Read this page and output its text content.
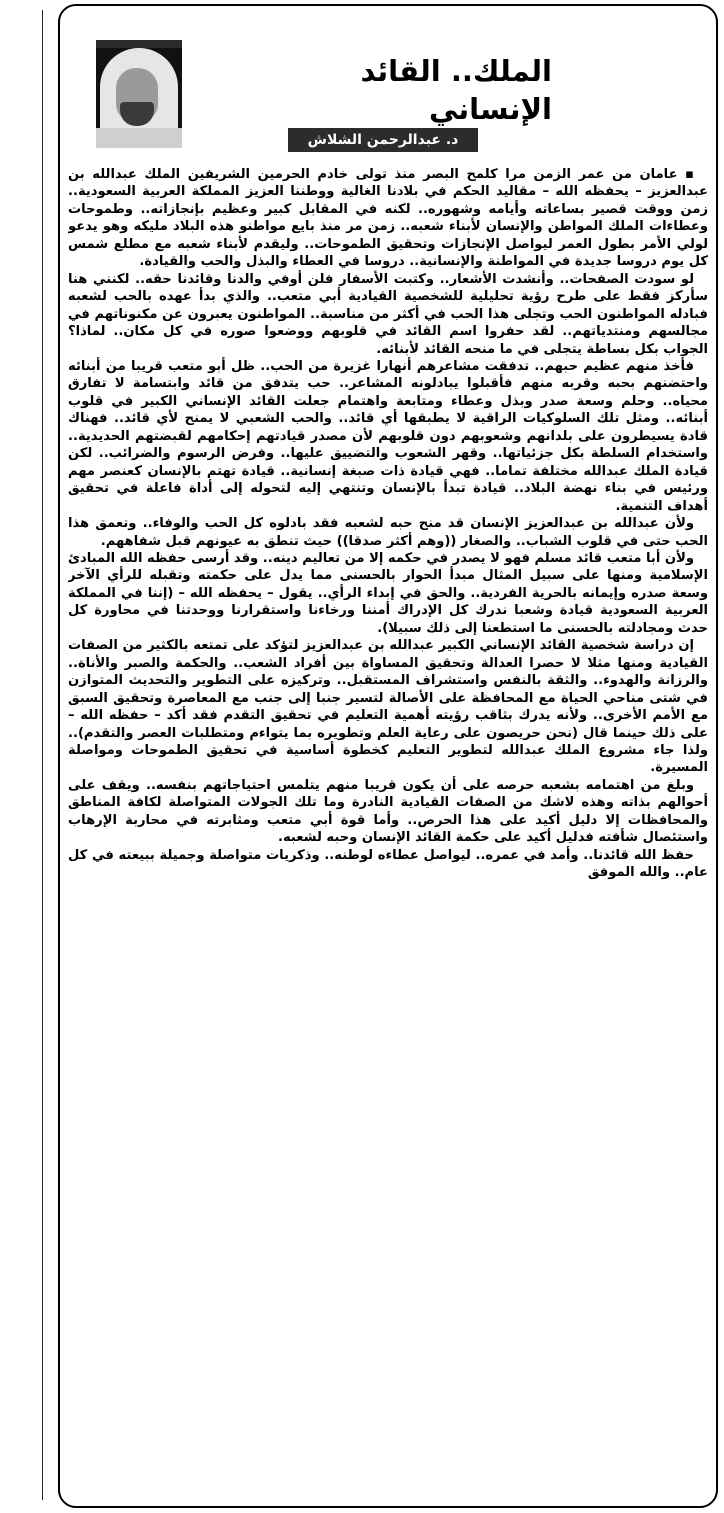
الملك.. القائد
الإنساني
د. عبدالرحمن الشلاش

▪ عامان من عمر الزمن مرا كلمح البصر منذ تولى خادم الحرمين الشريفين الملك عبدالله بن عبدالعزيز – يحفظه الله – مقاليد الحكم في بلادنا الغالية ووطننا العزيز المملكة العربية السعودية.. زمن ووقت قصير بساعاته وأيامه وشهوره.. لكنه في المقابل كبير وعظيم بإنجازاته.. وطموحات وعطاءات الملك المواطن والإنسان لأبناء شعبه.. زمن مر منذ بايع مواطنو هذه البلاد مليكه وهو يدعو لولي الأمر بطول العمر ليواصل الإنجازات وتحقيق الطموحات.. وليقدم لأبناء شعبه مع مطلع شمس كل يوم دروسا جديدة في المواطنة والإنسانية.. دروسا في العطاء والبذل والحب والقيادة.

لو سودت الصفحات.. وأنشدت الأشعار.. وكتبت الأسفار فلن أوفي والدنا وقائدنا حقه.. لكنني هنا سأركز فقط على طرح رؤية تحليلية للشخصية القيادية أبي متعب.. والذي بدأ عهده بالحب لشعبه فبادله المواطنون الحب وتجلى هذا الحب في أكثر من مناسبة.. المواطنون يعبرون عن مكنوناتهم في مجالسهم ومنتدياتهم.. لقد حفروا اسم القائد في قلوبهم ووضعوا صوره في كل مكان.. لماذا؟ الجواب بكل بساطة يتجلى في ما منحه القائد لأبنائه.

فأخذ منهم عظيم حبهم.. تدفقت مشاعرهم أنهارا غزيرة من الحب.. ظل أبو متعب قريبا من أبنائه واحتضنهم بحبه وقربه منهم فأقبلوا يبادلونه المشاعر.. حب يتدفق من قائد وابتسامة لا تفارق محياه.. وحلم وسعة صدر وبذل وعطاء ومتابعة واهتمام جعلت القائد الإنساني الكبير في قلوب أبنائه.. ومثل تلك السلوكيات الراقية لا يطبقها أي قائد.. والحب الشعبي لا يمنح لأي قائد.. فهناك قادة يسيطرون على بلدانهم وشعوبهم دون قلوبهم لأن مصدر قيادتهم إحكامهم لقبضتهم الحديدية.. واستخدام السلطة بكل جزئياتها.. وقهر الشعوب والتضييق عليها.. وفرض الرسوم والضرائب.. لكن قيادة الملك عبدالله مختلفة تماما.. فهي قيادة ذات صبغة إنسانية.. قيادة تهتم بالإنسان كعنصر مهم ورئيس في بناء نهضة البلاد.. قيادة تبدأ بالإنسان وتنتهي إليه لتحوله إلى أداة فاعلة في تحقيق أهداف التنمية.

ولأن عبدالله بن عبدالعزيز الإنسان قد منح حبه لشعبه فقد بادلوه كل الحب والوفاء.. وتعمق هذا الحب حتى في قلوب الشباب.. والصغار ((وهم أكثر صدقا)) حيث تنطق به عيونهم قبل شفاههم.

ولأن أبا متعب قائد مسلم فهو لا يصدر في حكمه إلا من تعاليم دينه.. وقد أرسى حفظه الله المبادئ الإسلامية ومنها على سبيل المثال مبدأ الحوار بالحسنى مما يدل على حكمته وتقبله للرأي الآخر وسعة صدره وإيمانه بالحرية الفردية.. والحق في إبداء الرأي.. يقول – يحفظه الله – (إننا في المملكة العربية السعودية قيادة وشعبا ندرك كل الإدراك أمننا ورخاءنا واستقرارنا ووحدتنا في محاورة كل حدث ومجادلته بالحسنى ما استطعنا إلى ذلك سبيلا).

إن دراسة شخصية القائد الإنساني الكبير عبدالله بن عبدالعزيز لتؤكد على تمتعه بالكثير من الصفات القيادية ومنها مثلا لا حصرا العدالة وتحقيق المساواة بين أفراد الشعب.. والحكمة والصبر والأناة.. والرزانة والهدوء.. والثقة بالنفس واستشراف المستقبل.. وتركيزه على التطوير والتحديث المتوازن في شتى مناحي الحياة مع المحافظة على الأصالة لتسير جنبا إلى جنب مع المعاصرة وتحقيق السبق مع الأمم الأخرى.. ولأنه يدرك بثاقب رؤيته أهمية التعليم في تحقيق التقدم فقد أكد – حفظه الله – على ذلك حينما قال (نحن حريصون على رعاية العلم وتطويره بما يتواءم ومتطلبات العصر والتقدم).. ولذا جاء مشروع الملك عبدالله لتطوير التعليم كخطوة أساسية في تحقيق الطموحات ومواصلة المسيرة.

وبلغ من اهتمامه بشعبه حرصه على أن يكون قريبا منهم يتلمس احتياجاتهم بنفسه.. ويقف على أحوالهم بذاته وهذه لاشك من الصفات القيادية النادرة وما تلك الجولات المتواصلة لكافة المناطق والمحافظات إلا دليل أكيد على هذا الحرص.. وأما قوة أبي متعب ومثابرته في محاربة الإرهاب واستئصال شأفته فدليل أكيد على حكمة القائد الإنسان وحبه لشعبه.

حفظ الله قائدنا.. وأمد في عمره.. ليواصل عطاءه لوطنه.. وذكريات متواصلة وجميلة ببيعته في كل عام.. والله الموفق
